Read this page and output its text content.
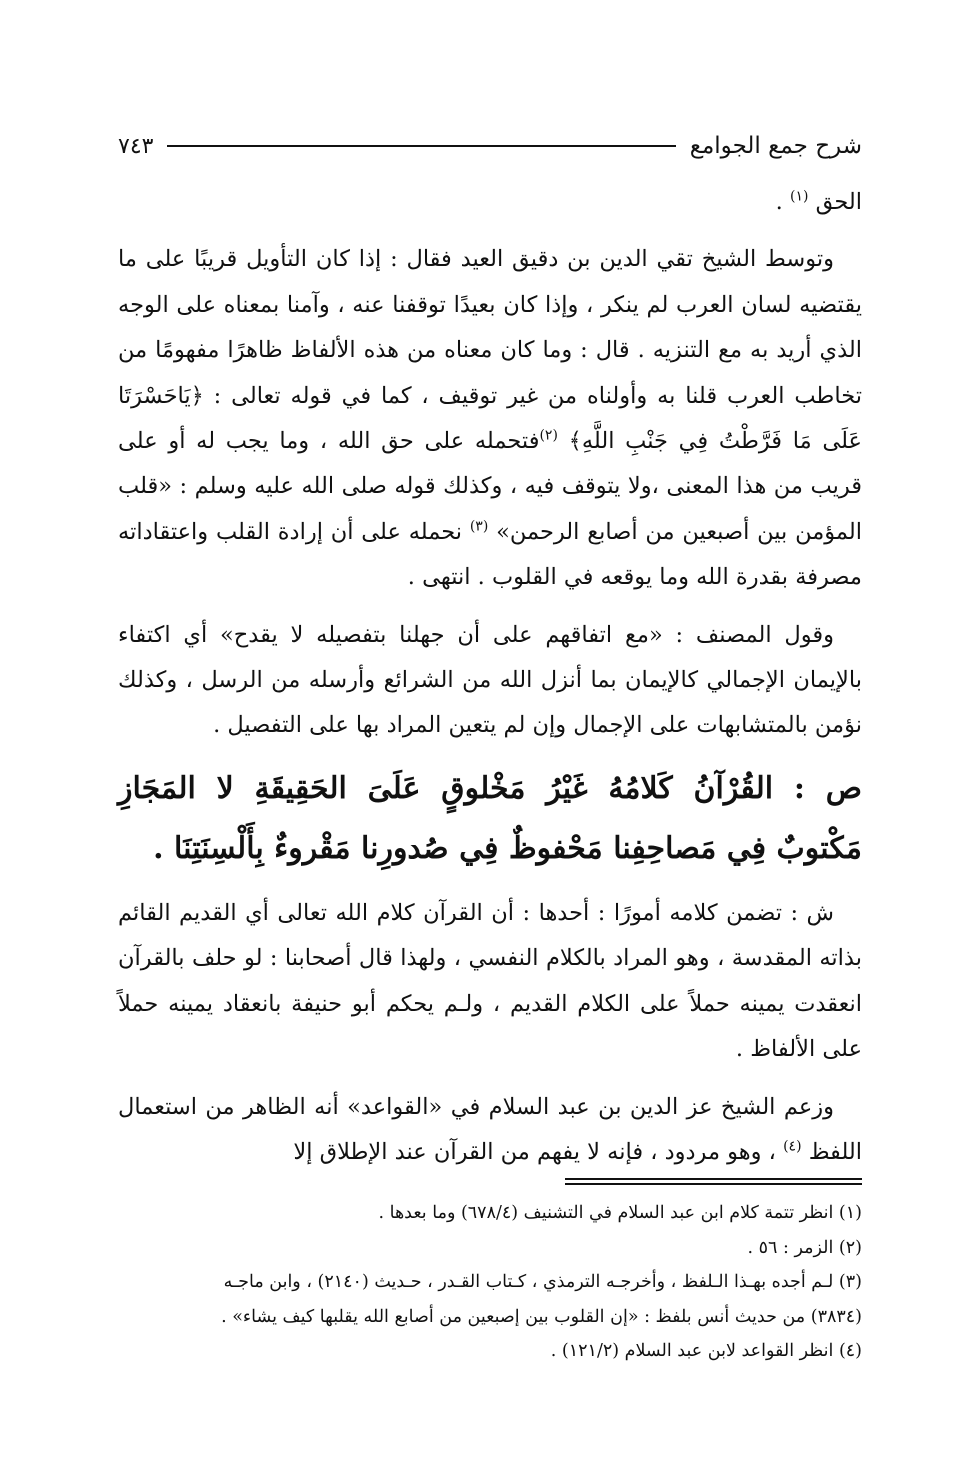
شرح جمع الجوامع
٧٤٣

الحق $^{(١)}$ .

وتوسط الشيخ تقي الدين بن دقيق العيد فقال : إذا كان التأويل قريبًا على ما يقتضيه لسان العرب لم ينكر ، وإذا كان بعيدًا توقفنا عنه ، وآمنا بمعناه على الوجه الذي أريد به مع التنزيه . قال : وما كان معناه من هذه الألفاظ ظاهرًا مفهومًا من تخاطب العرب قلنا به وأولناه من غير توقيف ، كما في قوله تعالى : ﴿يَاحَسْرَتَا عَلَى مَا فَرَّطْتُ فِي جَنْبِ اللَّهِ﴾ $^{(٢)}$فتحمله على حق الله ، وما يجب له أو على قريب من هذا المعنى ،ولا يتوقف فيه ، وكذلك قوله صلى الله عليه وسلم : «قلب المؤمن بين أصبعين من أصابع الرحمن» $^{(٣)}$ نحمله على أن إرادة القلب واعتقاداته مصرفة بقدرة الله وما يوقعه في القلوب . انتهى .

وقول المصنف : «مع اتفاقهم على أن جهلنا بتفصيله لا يقدح» أي اكتفاء بالإيمان الإجمالي كالإيمان بما أنزل الله من الشرائع وأرسله من الرسل ، وكذلك نؤمن بالمتشابهات على الإجمال وإن لم يتعين المراد بها على التفصيل .

ص : القُرْآنُ كَلامُهُ غَيْرُ مَخْلوقٍ عَلَىَ الحَقِيقَةِ لا المَجَازِ مَكْتوبٌ فِي مَصاحِفِنا مَحْفوظٌ فِي صُدورِنا مَقْروءٌ بِأَلْسِنَتِنَا .

ش : تضمن كلامه أمورًا : أحدها : أن القرآن كلام الله تعالى أي القديم القائم بذاته المقدسة ، وهو المراد بالكلام النفسي ، ولهذا قال أصحابنا : لو حلف بالقرآن انعقدت يمينه حملاً على الكلام القديم ، ولـم يحكم أبو حنيفة بانعقاد يمينه حملاً على الألفاظ .

وزعم الشيخ عز الدين بن عبد السلام في «القواعد» أنه الظاهر من استعمال اللفظ $^{(٤)}$ ، وهو مردود ، فإنه لا يفهم من القرآن عند الإطلاق إلا

(١) انظر تتمة كلام ابن عبد السلام في التشنيف (٦٧٨/٤) وما بعدها .
(٢) الزمر : ٥٦ .
(٣) لـم أجده بهـذا الـلفظ ، وأخرجـه الترمذي ، كـتاب القـدر ، حـديث (٢١٤٠) ، وابن ماجـه
(٣٨٣٤) من حديث أنس بلفظ : «إن القلوب بين إصبعين من أصابع الله يقلبها كيف يشاء» .
(٤) انظر القواعد لابن عبد السلام (١٢١/٢) .
